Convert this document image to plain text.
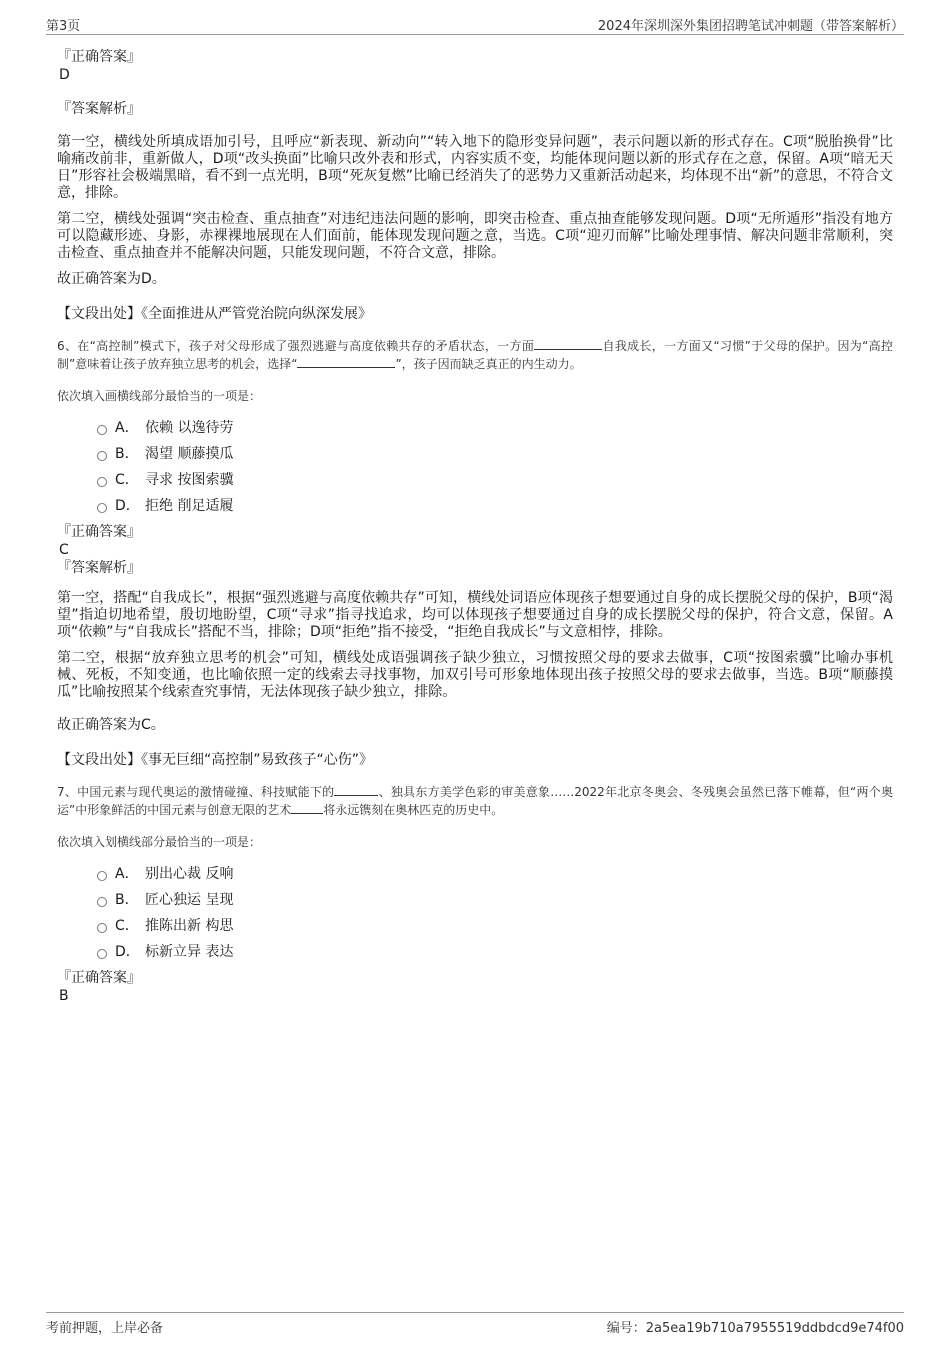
第3页	2024年深圳深外集团招聘笔试冲刺题（带答案解析）

『正确答案』

D

『答案解析』

第一空，横线处所填成语加引号，且呼应“新表现、新动向”“转入地下的隐形变异问题”，表示问题以新的形式存在。C项“脱胎换骨”比喻痛改前非，重新做人，D项“改头换面”比喻只改外表和形式，内容实质不变，均能体现问题以新的形式存在之意，保留。A项“暗无天日”形容社会极端黑暗，看不到一点光明，B项“死灰复燃”比喻已经消失了的恶势力又重新活动起来，均体现不出“新”的意思，不符合文意，排除。

第二空，横线处强调“突击检查、重点抽查”对违纪违法问题的影响，即突击检查、重点抽查能够发现问题。D项“无所遁形”指没有地方可以隐藏形迹、身影，赤裸裸地展现在人们面前，能体现发现问题之意，当选。C项“迎刃而解”比喻处理事情、解决问题非常顺利，突击检查、重点抽查并不能解决问题，只能发现问题，不符合文意，排除。

故正确答案为D。

【文段出处】《全面推进从严管党治院向纵深发展》

6、在“高控制”模式下，孩子对父母形成了强烈逃避与高度依赖共存的矛盾状态，一方面	自我成长，一方面又“习惯”于父母的保护。因为“高控制”意味着让孩子放弃独立思考的机会，选择“	”，孩子因而缺乏真正的内生动力。

依次填入画横线部分最恰当的一项是：

A． 依赖 以逸待劳
B． 渴望 顺藤摸瓜
C． 寻求 按图索骥
D． 拒绝 削足适履

『正确答案』

C

『答案解析』

第一空，搭配“自我成长”，根据“强烈逃避与高度依赖共存”可知，横线处词语应体现孩子想要通过自身的成长摆脱父母的保护，B项“渴望”指迫切地希望，殷切地盼望，C项“寻求”指寻找追求，均可以体现孩子想要通过自身的成长摆脱父母的保护，符合文意，保留。A项“依赖”与“自我成长”搭配不当，排除；D项“拒绝”指不接受，“拒绝自我成长”与文意相悖，排除。

第二空，根据“放弃独立思考的机会”可知，横线处成语强调孩子缺少独立，习惯按照父母的要求去做事，C项“按图索骥”比喻办事机械、死板，不知变通，也比喻依照一定的线索去寻找事物，加双引号可形象地体现出孩子按照父母的要求去做事，当选。B项“顺藤摸瓜”比喻按照某个线索查究事情，无法体现孩子缺少独立，排除。

故正确答案为C。

【文段出处】《事无巨细“高控制”易致孩子“心伤”》

7、中国元素与现代奥运的激情碰撞、科技赋能下的	、独具东方美学色彩的审美意象……2022年北京冬奥会、冬残奥会虽然已落下帷幕，但“两个奥运”中形象鲜活的中国元素与创意无限的艺术	将永远镌刻在奥林匹克的历史中。

依次填入划横线部分最恰当的一项是：

A． 别出心裁 反响
B． 匠心独运 呈现
C． 推陈出新 构思
D． 标新立异 表达

『正确答案』

B

考前押题，上岸必备	编号：2a5ea19b710a7955519ddbdcd9e74f00
